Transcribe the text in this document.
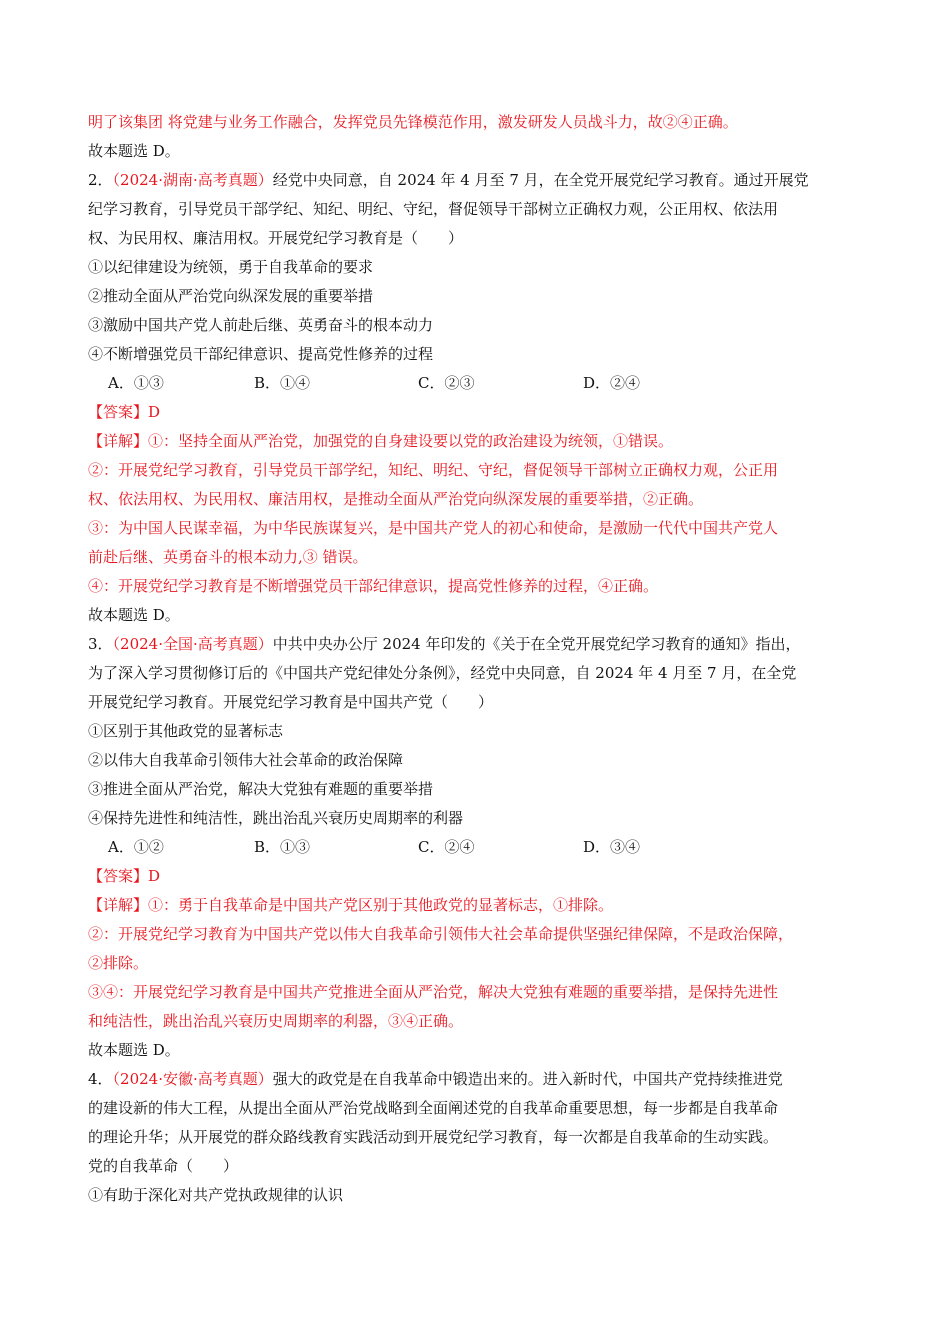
明了该集团 将党建与业务工作融合，发挥党员先锋模范作用，激发研发人员战斗力，故②④正确。
故本题选 D。
2．（2024·湖南·高考真题）经党中央同意，自 2024 年 4 月至 7 月，在全党开展党纪学习教育。通过开展党
纪学习教育，引导党员干部学纪、知纪、明纪、守纪，督促领导干部树立正确权力观，公正用权、依法用
权、为民用权、廉洁用权。开展党纪学习教育是（　　）
①以纪律建设为统领，勇于自我革命的要求
②推动全面从严治党向纵深发展的重要举措
③激励中国共产党人前赴后继、英勇奋斗的根本动力
④不断增强党员干部纪律意识、提高党性修养的过程
A．①③	B．①④	C．②③	D．②④
【答案】D
【详解】①：坚持全面从严治党，加强党的自身建设要以党的政治建设为统领，①错误。
②：开展党纪学习教育，引导党员干部学纪，知纪、明纪、守纪，督促领导干部树立正确权力观，公正用
权、依法用权、为民用权、廉洁用权，是推动全面从严治党向纵深发展的重要举措，②正确。
③：为中国人民谋幸福，为中华民族谋复兴，是中国共产党人的初心和使命，是激励一代代中国共产党人
前赴后继、英勇奋斗的根本动力,③ 错误。
④：开展党纪学习教育是不断增强党员干部纪律意识，提高党性修养的过程，④正确。
故本题选 D。
3．（2024·全国·高考真题）中共中央办公厅 2024 年印发的《关于在全党开展党纪学习教育的通知》指出，
为了深入学习贯彻修订后的《中国共产党纪律处分条例》，经党中央同意，自 2024 年 4 月至 7 月，在全党
开展党纪学习教育。开展党纪学习教育是中国共产党（　　）
①区别于其他政党的显著标志
②以伟大自我革命引领伟大社会革命的政治保障
③推进全面从严治党，解决大党独有难题的重要举措
④保持先进性和纯洁性，跳出治乱兴衰历史周期率的利器
A．①②	B．①③	C．②④	D．③④
【答案】D
【详解】①：勇于自我革命是中国共产党区别于其他政党的显著标志，①排除。
②：开展党纪学习教育为中国共产党以伟大自我革命引领伟大社会革命提供坚强纪律保障，不是政治保障，
②排除。
③④：开展党纪学习教育是中国共产党推进全面从严治党，解决大党独有难题的重要举措，是保持先进性
和纯洁性，跳出治乱兴衰历史周期率的利器，③④正确。
故本题选 D。
4．（2024·安徽·高考真题）强大的政党是在自我革命中锻造出来的。进入新时代，中国共产党持续推进党
的建设新的伟大工程，从提出全面从严治党战略到全面阐述党的自我革命重要思想，每一步都是自我革命
的理论升华；从开展党的群众路线教育实践活动到开展党纪学习教育，每一次都是自我革命的生动实践。
党的自我革命（　　）
①有助于深化对共产党执政规律的认识
